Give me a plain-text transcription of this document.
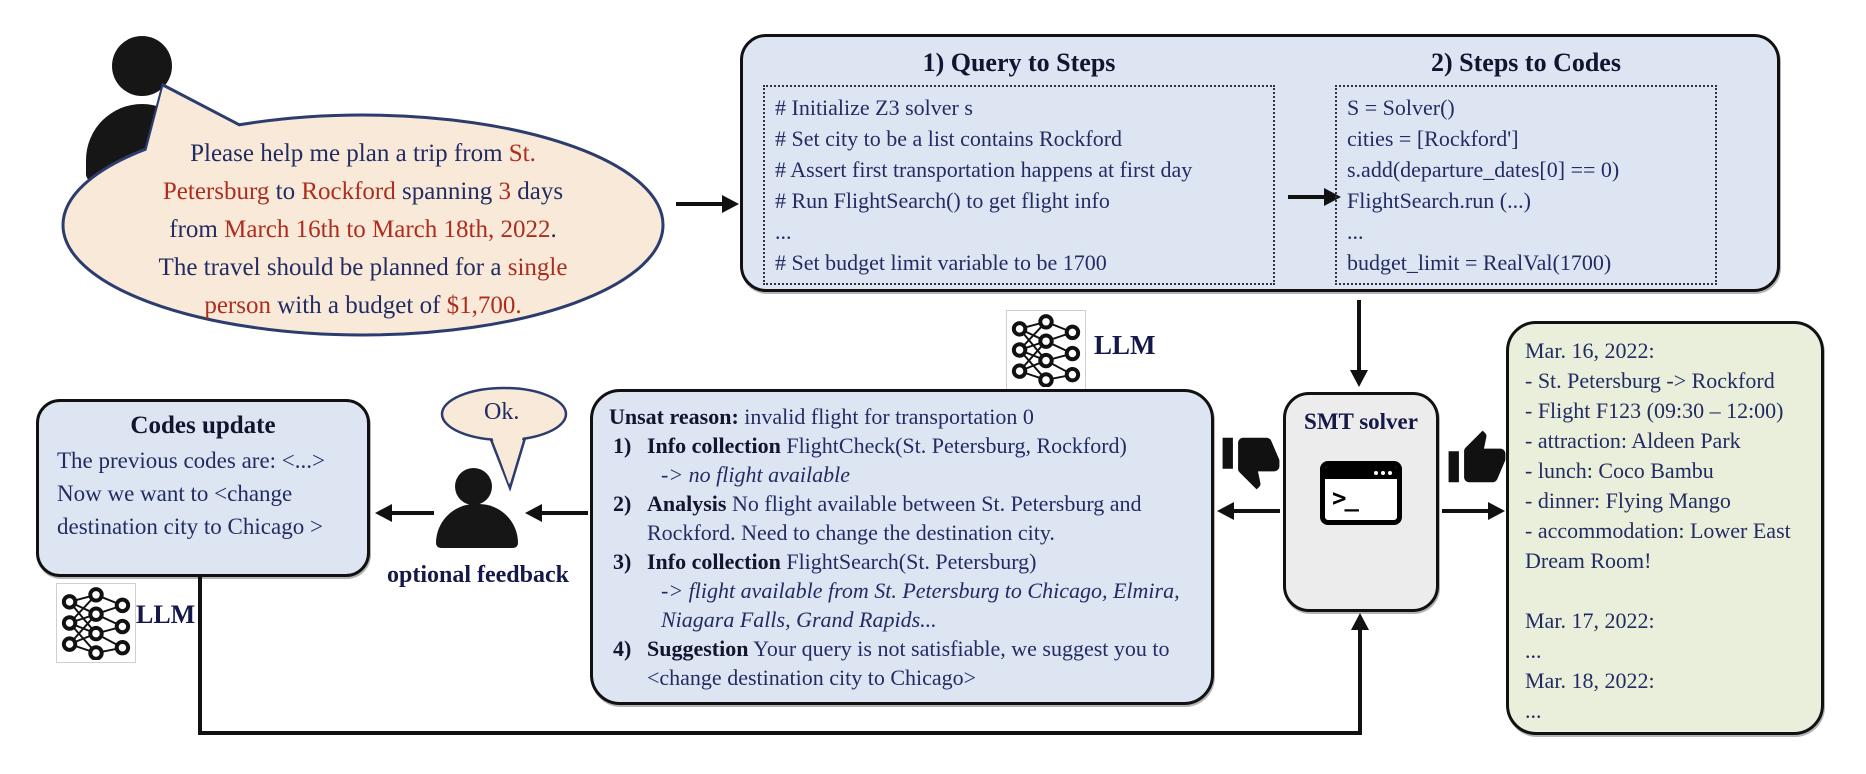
Please help me plan a trip from St.
Petersburg to Rockford spanning 3 days
from March 16th to March 18th, 2022.
The travel should be planned for a single
person with a budget of $1,700.
1) Query to Steps
# Initialize Z3 solver s
# Set city to be a list contains Rockford
# Assert first transportation happens at first day
# Run FlightSearch() to get flight info
...
# Set budget limit variable to be 1700
2) Steps to Codes
S = Solver()
cities = [Rockford']
s.add(departure_dates[0] == 0)
FlightSearch.run (...)
...
budget_limit = RealVal(1700)
LLM
SMT solver
>_
Unsat reason: invalid flight for transportation 0
1) Info collection FlightCheck(St. Petersburg, Rockford)
-> no flight available
2) Analysis No flight available between St. Petersburg and Rockford. Need to change the destination city.
3) Info collection FlightSearch(St. Petersburg)
-> flight available from St. Petersburg to Chicago, Elmira, Niagara Falls, Grand Rapids...
4) Suggestion Your query is not satisfiable, we suggest you to <change destination city to Chicago>
Ok.
optional feedback
Codes update
The previous codes are: <...>
Now we want to <change
destination city to Chicago >
LLM
Mar. 16, 2022:
- St. Petersburg -> Rockford
- Flight F123 (09:30 – 12:00)
- attraction: Aldeen Park
- lunch: Coco Bambu
- dinner: Flying Mango
- accommodation: Lower East Dream Room!

Mar. 17, 2022:
...
Mar. 18, 2022:
...
